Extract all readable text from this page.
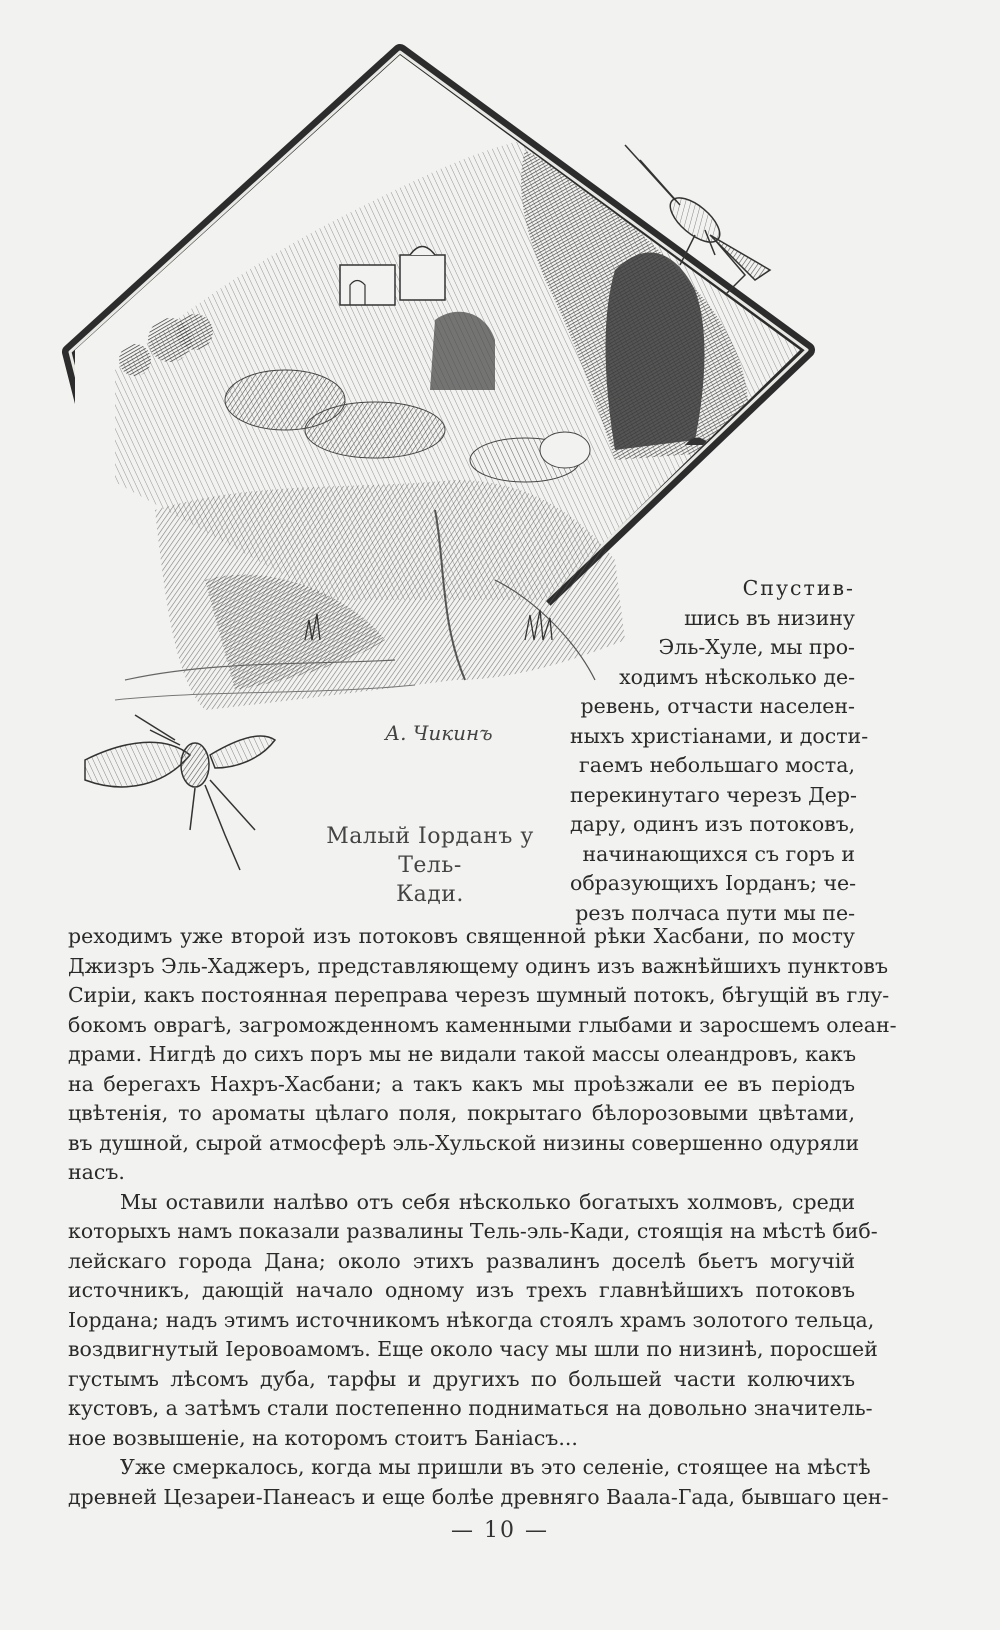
А. Чикинъ
Малый Іорданъ у Тель-
Кади.
Спустив-
шись въ низину
Эль-Хуле, мы про-
ходимъ нѣсколько де-
ревень, отчасти населен-
ныхъ христіанами, и дости-
гаемъ небольшаго моста,
перекинутаго черезъ Дер-
дару, одинъ изъ потоковъ,
начинающихся съ горъ и
образующихъ Іорданъ; че-
резъ полчаса пути мы пе-
реходимъ уже второй изъ потоковъ священной рѣки Хасбани, по мосту
Джизръ Эль-Хаджеръ, представляющему одинъ изъ важнѣйшихъ пунктовъ
Сиріи, какъ постоянная переправа черезъ шумный потокъ, бѣгущій въ глу-
бокомъ оврагѣ, загроможденномъ каменными глыбами и заросшемъ олеан-
драми. Нигдѣ до сихъ поръ мы не видали такой массы олеандровъ, какъ
на берегахъ Нахръ-Хасбани; а такъ какъ мы проѣзжали ее въ періодъ
цвѣтенія, то ароматы цѣлаго поля, покрытаго бѣлорозовыми цвѣтами,
въ душной, сырой атмосферѣ эль-Хульской низины совершенно одуряли
насъ.
Мы оставили налѣво отъ себя нѣсколько богатыхъ холмовъ, среди
которыхъ намъ показали развалины Тель-эль-Кади, стоящія на мѣстѣ биб-
лейскаго города Дана; около этихъ развалинъ доселѣ бьетъ могучій
источникъ, дающій начало одному изъ трехъ главнѣйшихъ потоковъ
Іордана; надъ этимъ источникомъ нѣкогда стоялъ храмъ золотого тельца,
воздвигнутый Іеровоамомъ. Еще около часу мы шли по низинѣ, поросшей
густымъ лѣсомъ дуба, тарфы и другихъ по большей части колючихъ
кустовъ, а затѣмъ стали постепенно подниматься на довольно значитель-
ное возвышеніе, на которомъ стоитъ Баніасъ...
Уже смеркалось, когда мы пришли въ это селеніе, стоящее на мѣстѣ
древней Цезареи-Панеасъ и еще болѣе древняго Ваала-Гада, бывшаго цен-
— 10 —
